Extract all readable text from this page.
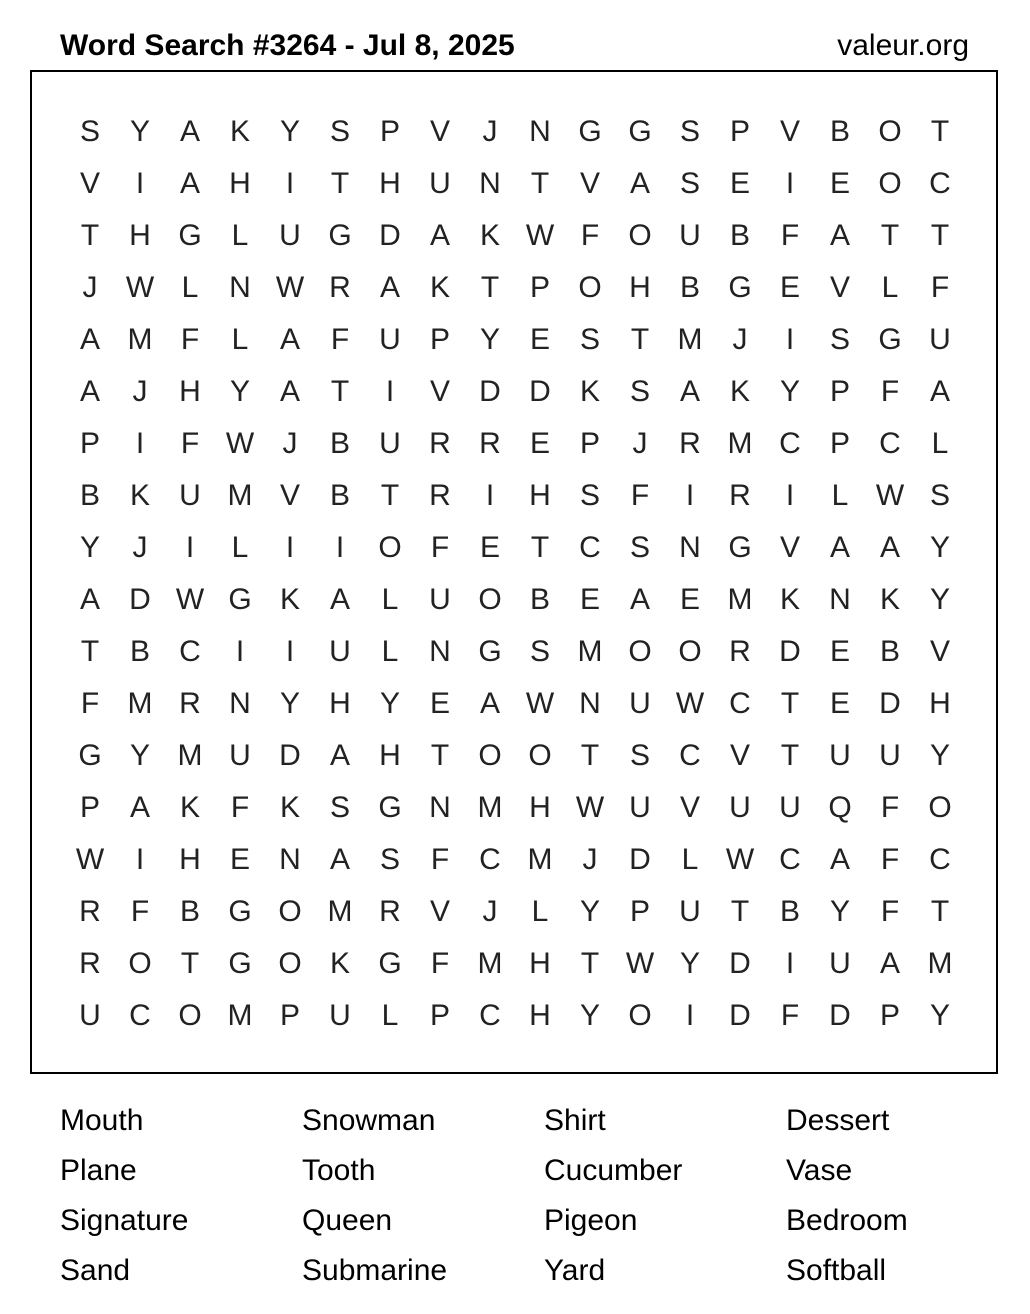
Word Search #3264 - Jul 8, 2025	valeur.org
S Y A K Y S P V	J	N G G S P V B O T
V	I	A H	I	T	H U N	T	V A S E	I	E O C
T	H G L	U G D A K W F O U B	F	A	T	T
J W L	N W R A K	T	P O H B G E V	L	F
A M F	L	A	F	U P Y E S	T M	J	I	S G U
A	J	H Y A	T	I	V D D K S A K Y P	F	A
P	I	F W J	B U R R E P	J	R M C P C	L
B K U M V B	T	R	I	H S	F	I	R	I	L W S
Y	J	I	L	I	I	O F	E	T	C S N G V A A Y
A D W G K A	L	U O B E A E M K N K Y
T	B C	I	I	U	L	N G S M O O R D E B V
F M R N Y H Y E A W N U W C	T	E D H
G Y M U D A H	T O O T	S C V	T	U U Y
P A K	F	K S G N M H W U V U U Q F O
W	I	H E N A S	F	C M	J	D	L W C A	F	C
R	F	B G O M R V	J	L	Y P U	T	B Y	F	T
R O T G O K G F M H	T W Y D	I	U A M
U C O M P U	L	P C H Y O	I	D	F	D P Y
Mouth	Snowman	Shirt	Dessert
Plane	Tooth	Cucumber	Vase
Signature	Queen	Pigeon	Bedroom
Sand	Submarine	Yard	Softball
